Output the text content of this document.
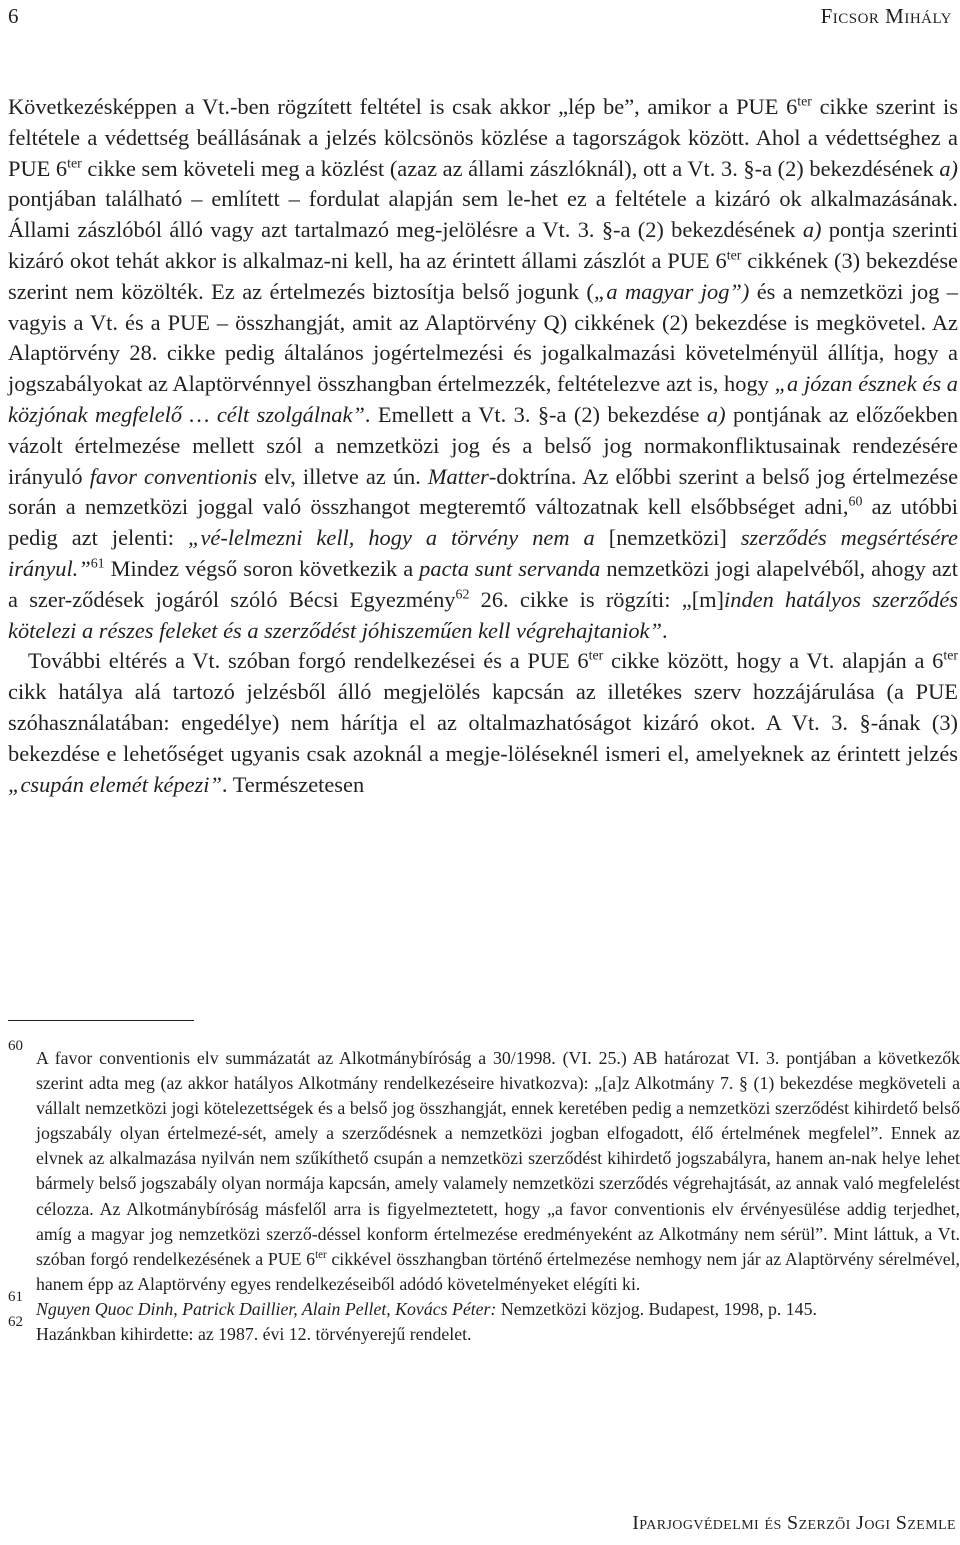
6	Ficsor Mihály

Következésképpen a Vt.-ben rögzített feltétel is csak akkor „lép be”, amikor a PUE $6^{ter}$ cikke szerint is feltétele a védettség beállásának a jelzés kölcsönös közlése a tagországok között. Ahol a védettséghez a PUE $6^{ter}$ cikke sem követeli meg a közlést (azaz az állami zászlóknál), ott a Vt. 3. §-a (2) bekezdésének a) pontjában található – említett – fordulat alapján sem le-​het ez a feltétele a kizáró ok alkalmazásának. Állami zászlóból álló vagy azt tartalmazó meg-​jelölésre a Vt. 3. §-a (2) bekezdésének a) pontja szerinti kizáró okot tehát akkor is alkalmaz-​ni kell, ha az érintett állami zászlót a PUE $6^{ter}$ cikkének (3) bekezdése szerint nem közölték. Ez az értelmezés biztosítja belső jogunk („a magyar jog”) és a nemzetközi jog – vagyis a Vt. és a PUE – összhangját, amit az Alaptörvény Q) cikkének (2) bekezdése is megkövetel. Az Alaptörvény 28. cikke pedig általános jogértelmezési és jogalkalmazási követelményül állítja, hogy a jogszabályokat az Alaptörvénnyel összhangban értelmezzék, feltételezve azt is, hogy „a józan észnek és a közjónak megfelelő … célt szolgálnak”. Emellett a Vt. 3. §-a (2) bekezdése a) pontjának az előzőekben vázolt értelmezése mellett szól a nemzetközi jog és a belső jog normakonfliktusainak rendezésére irányuló favor conventionis elv, illetve az ún. Matter-doktrína. Az előbbi szerint a belső jog értelmezése során a nemzetközi joggal való összhangot megteremtő változatnak kell elsőbbséget adni,$^{60}$ az utóbbi pedig azt jelenti: „vé-​lelmezni kell, hogy a törvény nem a [nemzetközi] szerződés megsértésére irányul.”$^{61}$ Mindez végső soron következik a pacta sunt servanda nemzetközi jogi alapelvéből, ahogy azt a szer-​ződések jogáról szóló Bécsi Egyezmény$^{62}$ 26. cikke is rögzíti: „[m]inden hatályos szerződés kötelezi a részes feleket és a szerződést jóhiszeműen kell végrehajtaniok”.

További eltérés a Vt. szóban forgó rendelkezései és a PUE $6^{ter}$ cikke között, hogy a Vt. alapján a $6^{ter}$ cikk hatálya alá tartozó jelzésből álló megjelölés kapcsán az illetékes szerv hozzájárulása (a PUE szóhasználatában: engedélye) nem hárítja el az oltalmazhatóságot kizáró okot. A Vt. 3. §-ának (3) bekezdése e lehetőséget ugyanis csak azoknál a megje-​löléseknél ismeri el, amelyeknek az érintett jelzés „csupán elemét képezi”. Természetesen

60
A favor conventionis elv summázatát az Alkotmánybíróság a 30/1998. (VI. 25.) AB határozat VI. 3. pontjában a következők szerint adta meg (az akkor hatályos Alkotmány rendelkezéseire hivatkozva): „[a]z Alkotmány 7. § (1) bekezdése megköveteli a vállalt nemzetközi jogi kötelezettségek és a belső jog összhangját, ennek keretében pedig a nemzetközi szerződést kihirdető belső jogszabály olyan értelmezé-​sét, amely a szerződésnek a nemzetközi jogban elfogadott, élő értelmének megfelel”. Ennek az elvnek az alkalmazása nyilván nem szűkíthető csupán a nemzetközi szerződést kihirdető jogszabályra, hanem an-​nak helye lehet bármely belső jogszabály olyan normája kapcsán, amely valamely nemzetközi szerződés végrehajtását, az annak való megfelelést célozza. Az Alkotmánybíróság másfelől arra is figyelmeztetett, hogy „a favor conventionis elv érvényesülése addig terjedhet, amíg a magyar jog nemzetközi szerző-​déssel konform értelmezése eredményeként az Alkotmány nem sérül”. Mint láttuk, a Vt. szóban forgó rendelkezésének a PUE $6^{ter}$ cikkével összhangban történő értelmezése nemhogy nem jár az Alaptörvény sérelmével, hanem épp az Alaptörvény egyes rendelkezéseiből adódó követelményeket elégíti ki.
61
Nguyen Quoc Dinh, Patrick Daillier, Alain Pellet, Kovács Péter: Nemzetközi közjog. Budapest, 1998, p. 145.
62
Hazánkban kihirdette: az 1987. évi 12. törvényerejű rendelet.
Iparjogvédelmi és Szerzői Jogi Szemle
